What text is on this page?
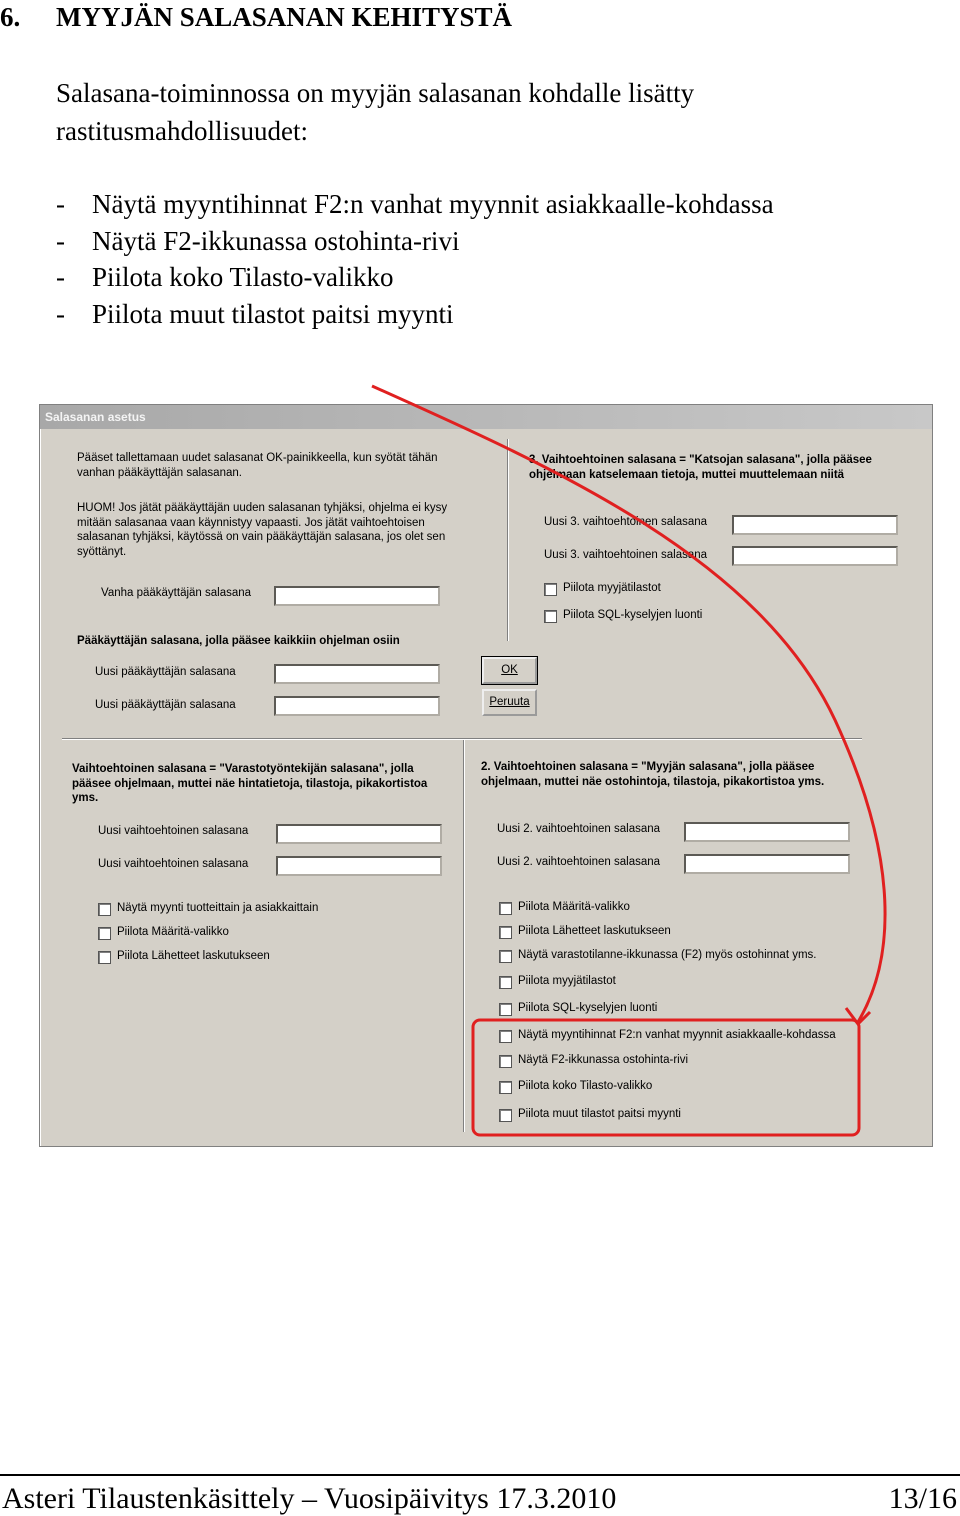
6. MYYJÄN SALASANAN KEHITYSTÄ
Salasana-toiminnossa on myyjän salasanan kohdalle lisätty
rastitusmahdollisuudet:
- Näytä myyntihinnat F2:n vanhat myynnit asiakkaalle-kohdassa
- Näytä F2-ikkunassa ostohinta-rivi
- Piilota koko Tilasto-valikko
- Piilota muut tilastot paitsi myynti
Salasanan asetus
Pääset tallettamaan uudet salasanat OK-painikkeella, kun syötät tähän vanhan pääkäyttäjän salasanan.
HUOM! Jos jätät pääkäyttäjän uuden salasanan tyhjäksi, ohjelma ei kysy mitään salasanaa vaan käynnistyy vapaasti. Jos jätät vaihtoehtoisen salasanan tyhjäksi, käytössä on vain pääkäyttäjän salasana, jos olet sen syöttänyt.
Vanha pääkäyttäjän salasana
Pääkäyttäjän salasana, jolla pääsee kaikkiin ohjelman osiin
Uusi pääkäyttäjän salasana
Uusi pääkäyttäjän salasana
OK
Peruuta
3. Vaihtoehtoinen salasana = "Katsojan salasana", jolla pääsee ohjelmaan katselemaan tietoja, muttei muuttelemaan niitä
Uusi 3. vaihtoehtoinen salasana
Uusi 3. vaihtoehtoinen salasana
Piilota myyjätilastot
Piilota SQL-kyselyjen luonti
Vaihtoehtoinen salasana = "Varastotyöntekijän salasana", jolla pääsee ohjelmaan, muttei näe hintatietoja, tilastoja, pikakortistoa yms.
Uusi vaihtoehtoinen salasana
Uusi vaihtoehtoinen salasana
Näytä myynti tuotteittain ja asiakkaittain
Piilota Määritä-valikko
Piilota Lähetteet laskutukseen
2. Vaihtoehtoinen salasana = "Myyjän salasana", jolla pääsee ohjelmaan, muttei näe ostohintoja, tilastoja, pikakortistoa yms.
Uusi 2. vaihtoehtoinen salasana
Uusi 2. vaihtoehtoinen salasana
Piilota Määritä-valikko
Piilota Lähetteet laskutukseen
Näytä varastotilanne-ikkunassa (F2) myös ostohinnat yms.
Piilota myyjätilastot
Piilota SQL-kyselyjen luonti
Näytä myyntihinnat F2:n vanhat myynnit asiakkaalle-kohdassa
Näytä F2-ikkunassa ostohinta-rivi
Piilota koko Tilasto-valikko
Piilota muut tilastot paitsi myynti
Asteri Tilaustenkäsittely – Vuosipäivitys 17.3.2010	13/16
